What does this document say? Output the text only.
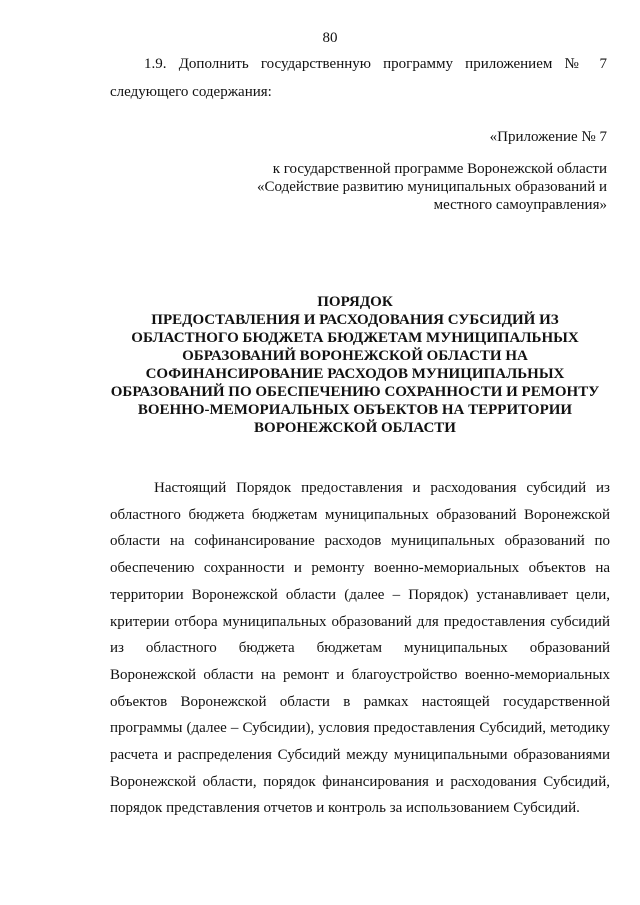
80
1.9. Дополнить государственную программу приложением № 7
следующего содержания:
«Приложение № 7
к государственной программе Воронежской области
«Содействие развитию муниципальных образований и
местного самоуправления»
ПОРЯДОК
ПРЕДОСТАВЛЕНИЯ И РАСХОДОВАНИЯ СУБСИДИЙ ИЗ
ОБЛАСТНОГО БЮДЖЕТА БЮДЖЕТАМ МУНИЦИПАЛЬНЫХ
ОБРАЗОВАНИЙ ВОРОНЕЖСКОЙ ОБЛАСТИ НА
СОФИНАНСИРОВАНИЕ РАСХОДОВ МУНИЦИПАЛЬНЫХ
ОБРАЗОВАНИЙ ПО ОБЕСПЕЧЕНИЮ СОХРАННОСТИ И РЕМОНТУ
ВОЕННО-МЕМОРИАЛЬНЫХ ОБЪЕКТОВ НА ТЕРРИТОРИИ
ВОРОНЕЖСКОЙ ОБЛАСТИ
Настоящий Порядок предоставления и расходования субсидий из
областного бюджета бюджетам муниципальных образований Воронежской
области на софинансирование расходов муниципальных образований по
обеспечению сохранности и ремонту военно-мемориальных объектов на
территории Воронежской области (далее – Порядок) устанавливает цели,
критерии отбора муниципальных образований для предоставления субсидий
из областного бюджета бюджетам муниципальных образований
Воронежской области на ремонт и благоустройство военно-мемориальных
объектов Воронежской области в рамках настоящей государственной
программы (далее – Субсидии), условия предоставления Субсидий, методику
расчета и распределения Субсидий между муниципальными образованиями
Воронежской области, порядок финансирования и расходования Субсидий,
порядок представления отчетов и контроль за использованием Субсидий.
